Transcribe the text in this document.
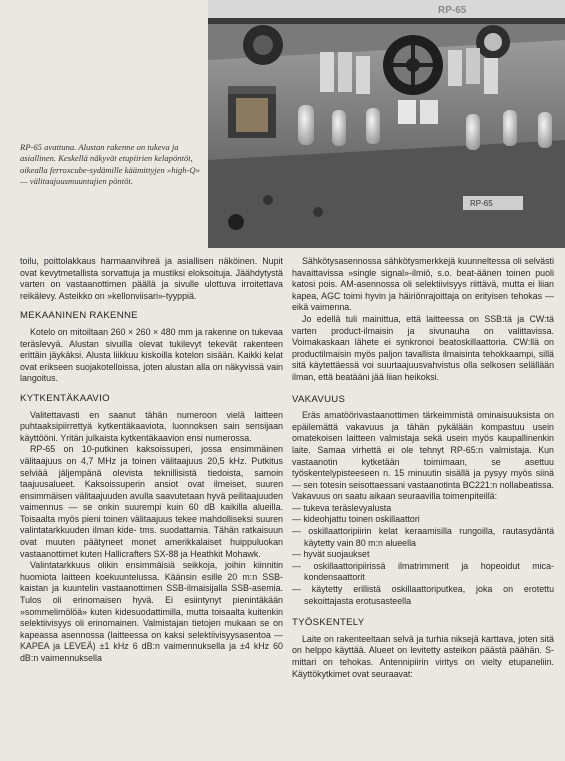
RP-65
RP-65
RP-65 avattuna. Alustan rakenne on tukeva ja asiallinen. Keskellä näkyvät etupiirien kelapöntöt, oikealla ferroxcube-sydämille käämittyjen »high-Q» — välitaajuusmuuntajien pöntöt.

toilu, poittolakkaus harmaanvihreä ja asiallisen näköinen. Nupit ovat kevytmetallista sorvattuja ja mustiksi eloksoituja. Jäähdytystä varten on vastaanottimen päällä ja sivulle ulottuva irroitettava reikälevy. Asteikko on »kellonviisari»-tyyppiä.

MEKAANINEN RAKENNE

Kotelo on mitoiltaan 260 × 260 × 480 mm ja rakenne on tukevaa teräslevyä. Alustan sivuilla olevat tukilevyt tekevät rakenteen erittäin jäykäksi. Alusta liikkuu kiskoilla kotelon sisään. Kaikki kelat ovat erikseen suojakotelloissa, joten alustan alla on näkyvissä vain langoitus.

KYTKENTÄKAAVIO

Valitettavasti en saanut tähän numeroon vielä laitteen puhtaaksipiirrettyä kytkentäkaaviota, luonnoksen sain sensijaan käyttööni. Yritän julkaista kytkentäkaavion ensi numerossa.

RP-65 on 10-putkinen kaksoissuperi, jossa ensimmäinen välitaajuus on 4,7 MHz ja toinen välitaajuus 20,5 kHz. Putkitus selviää jäljempänä olevista teknillisistä tiedoista, samoin taajuusalueet. Kaksoissuperin ansiot ovat ilmeiset, suuren ensimmäisen välitaajuuden avulla saavutetaan hyvä peilitaajuuden vaimennus — se onkin suurempi kuin 60 dB kaikilla alueilla. Toisaalta myös pieni toinen välitaajuus tekee mahdolliseksi suuren valintatarkkuuden ilman kide- tms. suodattamia. Tähän ratkaisuun ovat muuten päätyneet monet amerikkalaiset huippuluokan vastaanottimet kuten Hallicrafters SX-88 ja Heathkit Mohawk.

Valintatarkkuus olikin ensimmäisiä seikkoja, joihin kiinnitin huomiota laitteen koekuuntelussa. Käänsin esille 20 m:n SSB-kaistan ja kuuntelin vastaanottimen SSB-ilmaisijalla SSB-asemia. Tulos oli erinomaisen hyvä. Ei esiintynyt pienintäkään »sommelimölöä» kuten kidesuodattimilla, mutta toisaalta kuitenkin selektiivisyys oli erinomainen. Valmistajan tietojen mukaan se on kapeassa asennossa (laitteessa on kaksi selektiivisyysasentoa — KAPEA ja LEVEÄ) ±1 kHz 6 dB:n vaimennuksella ja ±4 kHz 60 dB:n vaimennuksella

Sähkötysasennossa sähkötysmerkkejä kuunneltessa oli selvästi havaittavissa »single signal»-ilmiö, s.o. beat-äänen toinen puoli katosi pois. AM-asennossa oli selektiivisyys riittävä, mutta ei liian kapea, AGC toimi hyvin ja häiriönrajoittaja on erityisen tehokas — eikä vaimenna.

Jo edellä tuli mainittua, että laitteessa on SSB:tä ja CW:tä varten product-ilmaisin ja sivunauha on valittavissa. Voimakaskaan lähete ei synkronoi beatoskillaattoria. CW:llä on productilmaisin myös paljon tavallista ilmaisinta tehokkaampi, sillä sitä käytettäessä voi suurtaajuusvahvistus olla selkosen selällään ilman, että beatääni jää liian heikoksi.

VAKAVUUS

Eräs amatöörivastaanottimen tärkeimmistä ominaisuuksista on epäilemättä vakavuus ja tähän pykälään kompastuu usein omatekoisen laitteen valmistaja sekä usein myös kaupallinenkin laite. Samaa virhettä ei ole tehnyt RP-65:n valmistaja. Kun vastaanotin kytketään toimimaan, se asettuu työskentelypisteeseen n. 15 minuutin sisällä ja pysyy myös siinä — sen totesin seisottaessani vastaanotinta BC221:n nollabeatissa. Vakavuus on saatu aikaan seuraavilla toimenpiteillä:

— tukeva teräslevyalusta
— kideohjattu toinen oskillaattori
— oskillaattoripiirin kelat keraamisilla rungoilla, rautasydäntä käytetty vain 80 m:n alueella
— hyvät suojaukset
— oskillaattoripiirissä ilmatrimmerit ja hopeoidut mica-kondensaattorit
— käytetty erillistä oskillaattoriputkea, joka on erotettu sekoittajasta erotusasteella
TYÖSKENTELY

Laite on rakenteeltaan selvä ja turhia niksejä karttava, joten sitä on helppo käyttää. Alueet on levitetty asteikon päästä päähän. S-mittari on tehokas. Antennipiirin viritys on vielty etupaneliin. Käyttökytkimet ovat seuraavat:
